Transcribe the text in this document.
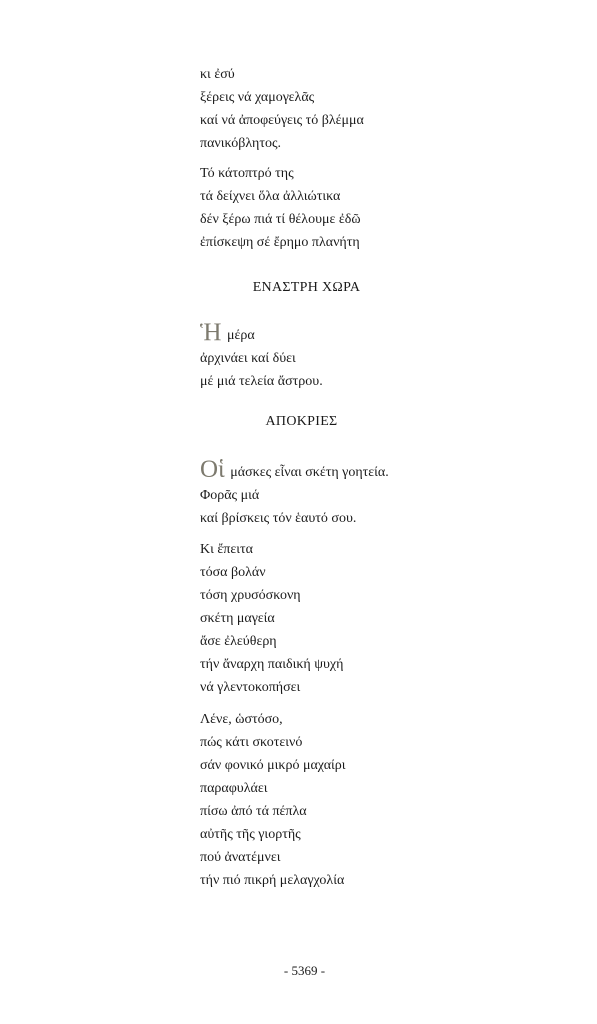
κι ἐσύ
ξέρεις νά χαμογελᾶς
καί νά ἀποφεύγεις τό βλέμμα
πανικόβλητος.
Τό κάτοπτρό της
τά δείχνει ὅλα ἀλλιώτικα
δέν ξέρω πιά τί θέλουμε ἐδῶ
ἐπίσκεψη σέ ἔρημο πλανήτη
ΕΝΑΣΤΡΗ ΧΩΡΑ
Ἡ μέρα
ἀρχινάει καί δύει
μέ μιά τελεία ἄστρου.
ΑΠΟΚΡΙΕΣ
Οἱ μάσκες εἶναι σκέτη γοητεία.
Φορᾶς μιά
καί βρίσκεις τόν ἑαυτό σου.
Κι ἔπειτα
τόσα βολάν
τόση χρυσόσκονη
σκέτη μαγεία
ἄσε ἐλεύθερη
τήν ἄναρχη παιδική ψυχή
νά γλεντοκοπήσει
Λένε, ὡστόσο,
πώς κάτι σκοτεινό
σάν φονικό μικρό μαχαίρι
παραφυλάει
πίσω ἀπό τά πέπλα
αὐτῆς τῆς γιορτῆς
πού ἀνατέμνει
τήν πιό πικρή μελαγχολία
- 5369 -
